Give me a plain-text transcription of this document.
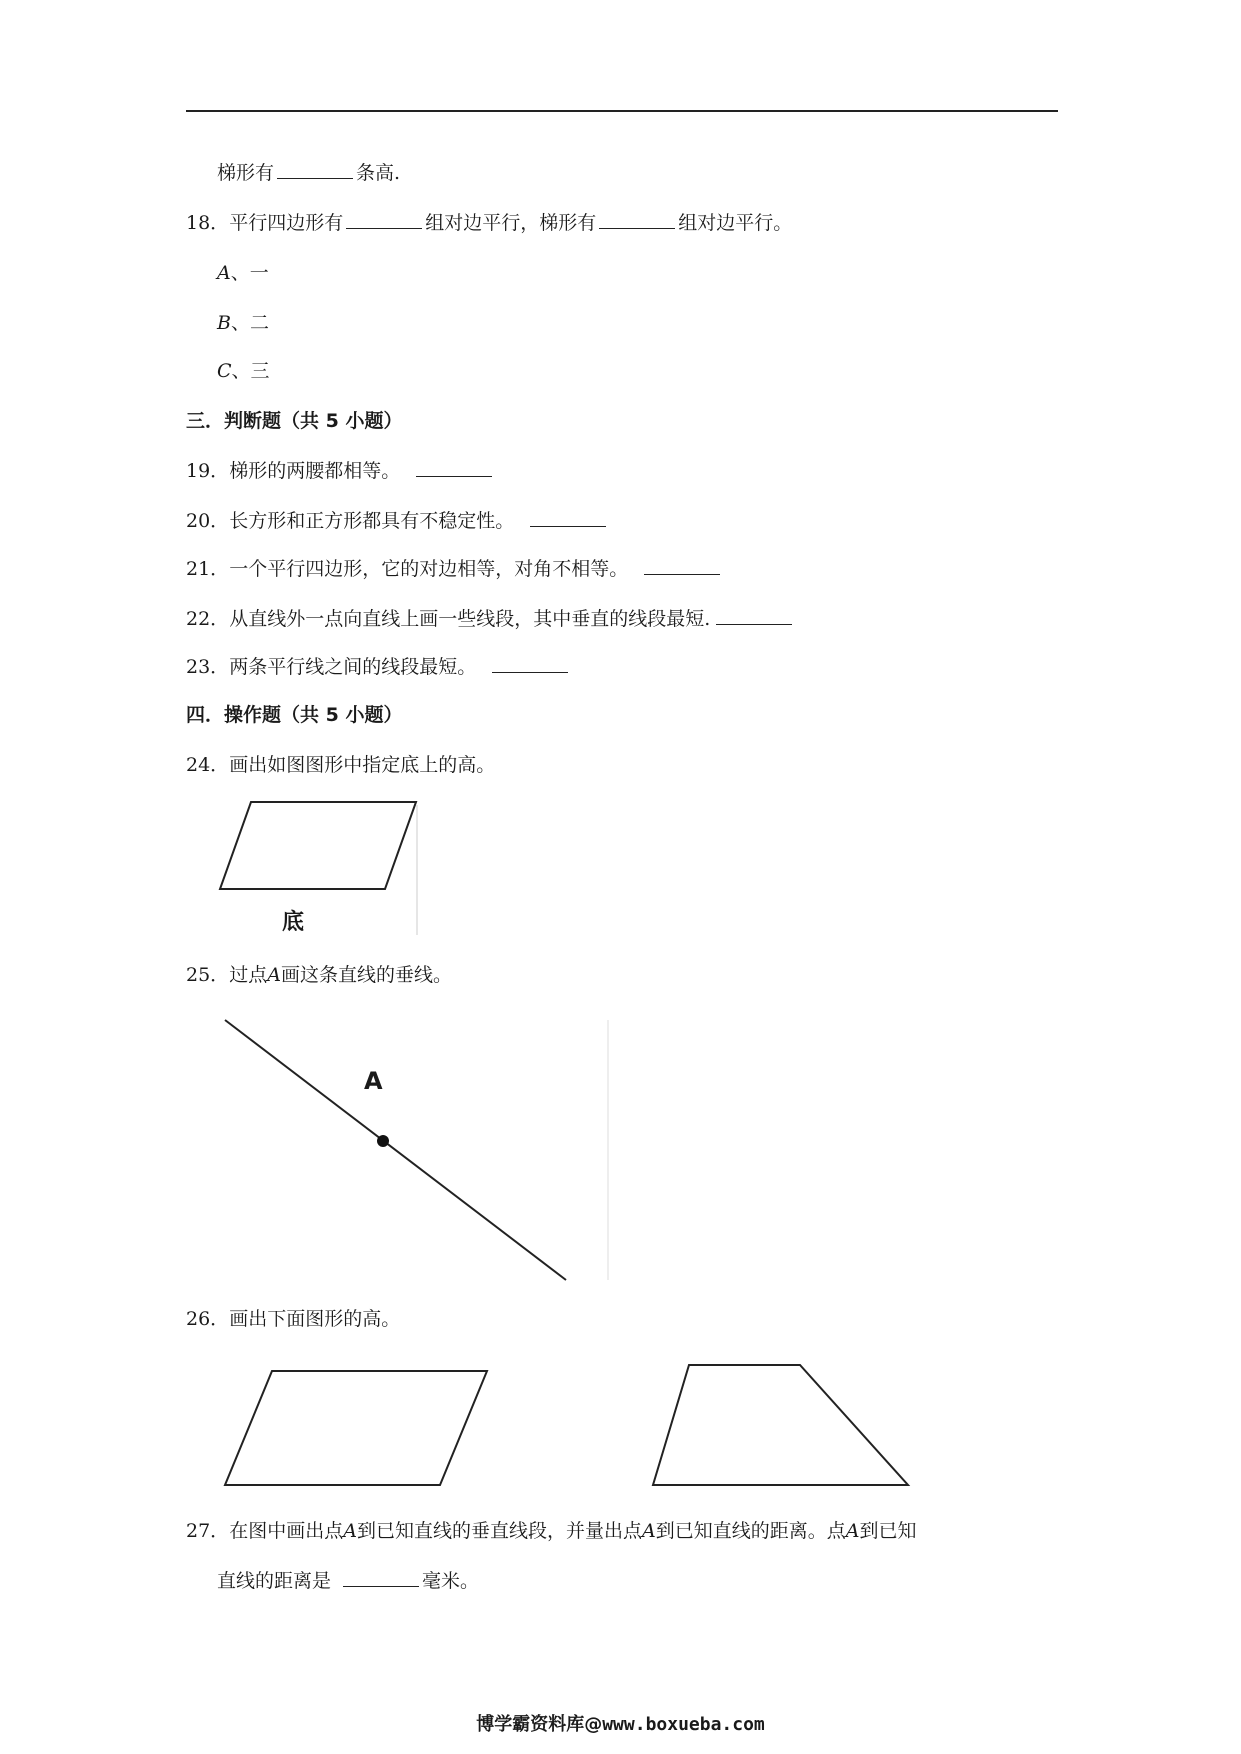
梯形有	条高.
18．平行四边形有	组对边平行，梯形有	组对边平行。
A、一
B、二
C、三
三．判断题（共 5 小题）
19．梯形的两腰都相等。
20．长方形和正方形都具有不稳定性。
21．一个平行四边形，它的对边相等，对角不相等。
22．从直线外一点向直线上画一些线段，其中垂直的线段最短.
23．两条平行线之间的线段最短。
四．操作题（共 5 小题）
24．画出如图图形中指定底上的高。
底
25．过点A画这条直线的垂线。
A
26．画出下面图形的高。
27．在图中画出点A到已知直线的垂直线段，并量出点A到已知直线的距离。点A到已知
直线的距离是	毫米。
博学霸资料库@www.boxueba.com
